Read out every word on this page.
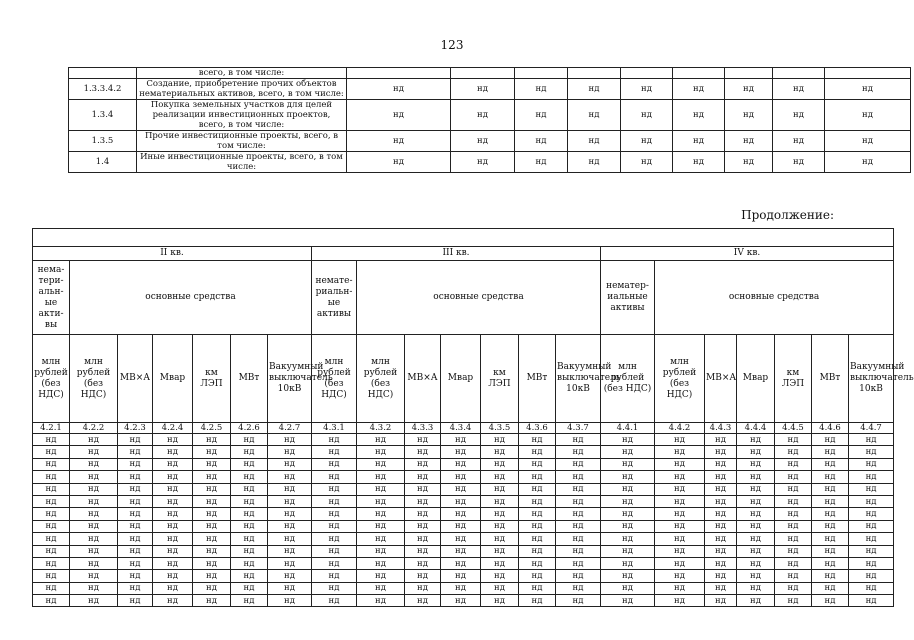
123
	всего, в том числе:									
1.3.3.4.2	Создание, приобретение прочих объектов нематериальных активов, всего, в том числе:	нд	нд	нд	нд	нд	нд	нд	нд	нд
1.3.4	Покупка земельных участков для целей реализации инвестиционных проектов, всего, в том числе:	нд	нд	нд	нд	нд	нд	нд	нд	нд
1.3.5	Прочие инвестиционные проекты, всего, в том числе:	нд	нд	нд	нд	нд	нд	нд	нд	нд
1.4	Иные инвестиционные проекты, всего, в том числе:	нд	нд	нд	нд	нд	нд	нд	нд	нд
Продолжение:

II кв.							III кв.							IV кв.						
нематериальные активы	основные средства						нематериальные активы	основные средства						нематериальные активы	основные средства					
млн рублей (без НДС)	млн рублей (без НДС)	МВ×А	Мвар	км ЛЭП	МВт	Вакуумный выключатель 10кВ	млн рублей (без НДС)	млн рублей (без НДС)	МВ×А	Мвар	км ЛЭП	МВт	Вакуумный выключатель 10кВ	млн рублей (без НДС)	млн рублей (без НДС)	МВ×А	Мвар	км ЛЭП	МВт	Вакуумный выключатель 10кВ
4.2.1	4.2.2	4.2.3	4.2.4	4.2.5	4.2.6	4.2.7	4.3.1	4.3.2	4.3.3	4.3.4	4.3.5	4.3.6	4.3.7	4.4.1	4.4.2	4.4.3	4.4.4	4.4.5	4.4.6	4.4.7
нд	нд	нд	нд	нд	нд	нд	нд	нд	нд	нд	нд	нд	нд	нд	нд	нд	нд	нд	нд	нд
нд	нд	нд	нд	нд	нд	нд	нд	нд	нд	нд	нд	нд	нд	нд	нд	нд	нд	нд	нд	нд
нд	нд	нд	нд	нд	нд	нд	нд	нд	нд	нд	нд	нд	нд	нд	нд	нд	нд	нд	нд	нд
нд	нд	нд	нд	нд	нд	нд	нд	нд	нд	нд	нд	нд	нд	нд	нд	нд	нд	нд	нд	нд
нд	нд	нд	нд	нд	нд	нд	нд	нд	нд	нд	нд	нд	нд	нд	нд	нд	нд	нд	нд	нд
нд	нд	нд	нд	нд	нд	нд	нд	нд	нд	нд	нд	нд	нд	нд	нд	нд	нд	нд	нд	нд
нд	нд	нд	нд	нд	нд	нд	нд	нд	нд	нд	нд	нд	нд	нд	нд	нд	нд	нд	нд	нд
нд	нд	нд	нд	нд	нд	нд	нд	нд	нд	нд	нд	нд	нд	нд	нд	нд	нд	нд	нд	нд
нд	нд	нд	нд	нд	нд	нд	нд	нд	нд	нд	нд	нд	нд	нд	нд	нд	нд	нд	нд	нд
нд	нд	нд	нд	нд	нд	нд	нд	нд	нд	нд	нд	нд	нд	нд	нд	нд	нд	нд	нд	нд
нд	нд	нд	нд	нд	нд	нд	нд	нд	нд	нд	нд	нд	нд	нд	нд	нд	нд	нд	нд	нд
нд	нд	нд	нд	нд	нд	нд	нд	нд	нд	нд	нд	нд	нд	нд	нд	нд	нд	нд	нд	нд
нд	нд	нд	нд	нд	нд	нд	нд	нд	нд	нд	нд	нд	нд	нд	нд	нд	нд	нд	нд	нд
нд	нд	нд	нд	нд	нд	нд	нд	нд	нд	нд	нд	нд	нд	нд	нд	нд	нд	нд	нд	нд
